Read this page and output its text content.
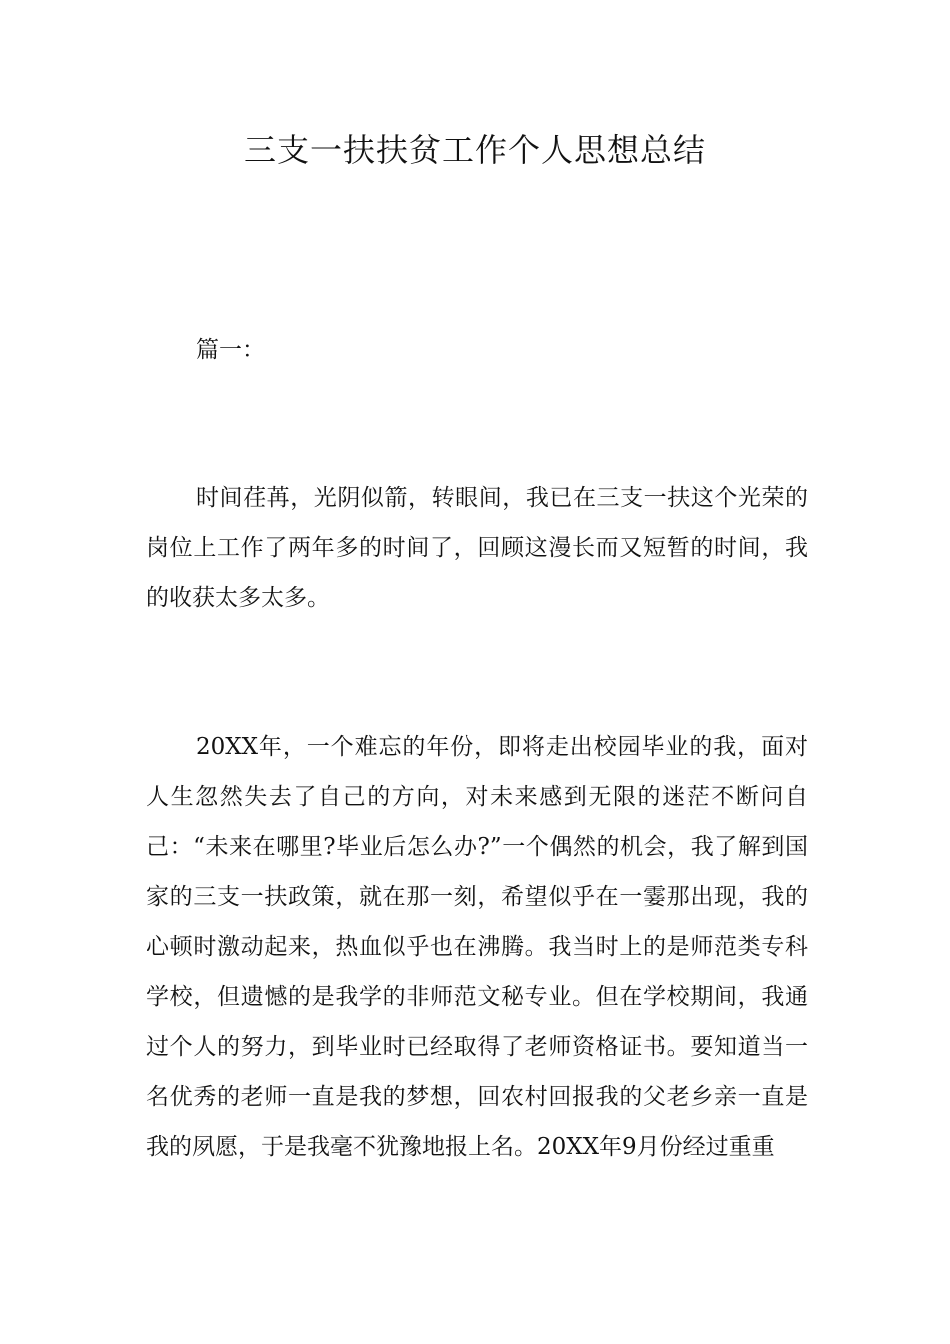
三支一扶扶贫工作个人思想总结

篇一：

时间荏苒，光阴似箭，转眼间，我已在三支一扶这个光荣的岗位上工作了两年多的时间了，回顾这漫长而又短暂的时间，我的收获太多太多。

20XX年，一个难忘的年份，即将走出校园毕业的我，面对人生忽然失去了自己的方向，对未来感到无限的迷茫不断问自己：“未来在哪里?毕业后怎么办?”一个偶然的机会，我了解到国家的三支一扶政策，就在那一刻，希望似乎在一霎那出现，我的心顿时激动起来，热血似乎也在沸腾。我当时上的是师范类专科学校，但遗憾的是我学的非师范文秘专业。但在学校期间，我通过个人的努力，到毕业时已经取得了老师资格证书。要知道当一名优秀的老师一直是我的梦想，回农村回报我的父老乡亲一直是我的夙愿，于是我毫不犹豫地报上名。20XX年9月份经过重重
